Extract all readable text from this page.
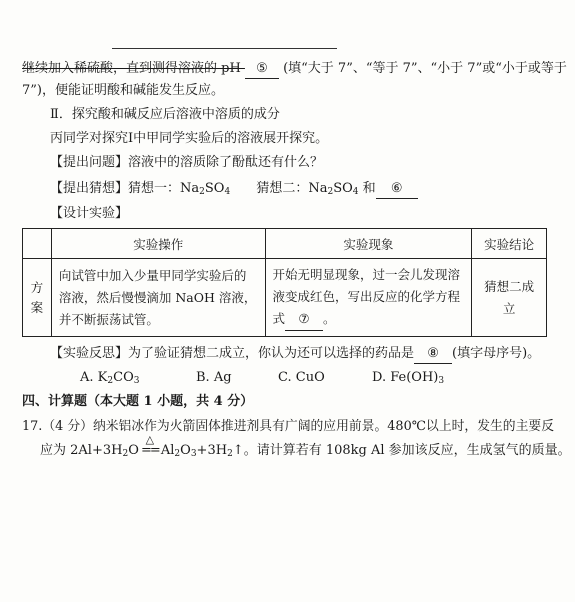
继续加入稀硫酸，直到测得溶液的 pH ⑤ (填“大于 7”、“等于 7”、“小于 7”或“小于或等于
7”)，便能证明酸和碱能发生反应。
Ⅱ．探究酸和碱反应后溶液中溶质的成分
丙同学对探究Ⅰ中甲同学实验后的溶液展开探究。
【提出问题】溶液中的溶质除了酚酞还有什么？
【提出猜想】猜想一：$Na_2SO_4$ 猜想二：$Na_2SO_4$ 和 ⑥
【设计实验】
	实验操作	实验现象	实验结论
方案	向试管中加入少量甲同学实验后的溶液，然后慢慢滴加 NaOH 溶液，并不断振荡试管。	开始无明显现象，过一会儿发现溶液变成红色，写出反应的化学方程式 ⑦ 。	猜想二成立
【实验反思】为了验证猜想二成立，你认为还可以选择的药品是 ⑧ (填字母序号)。
A. $K_2CO_3$	B. Ag	C. CuO	D. $Fe(OH)_3$
四、计算题（本大题 1 小题，共 4 分）
17.（4 分）纳米铝冰作为火箭固体推进剂具有广阔的应用前景。480℃以上时，发生的主要反
应为 $2Al+3H_2O$
△
== $Al_2O_3+3H_2↑$。请计算若有 108kg Al 参加该反应，生成氢气的质量。
